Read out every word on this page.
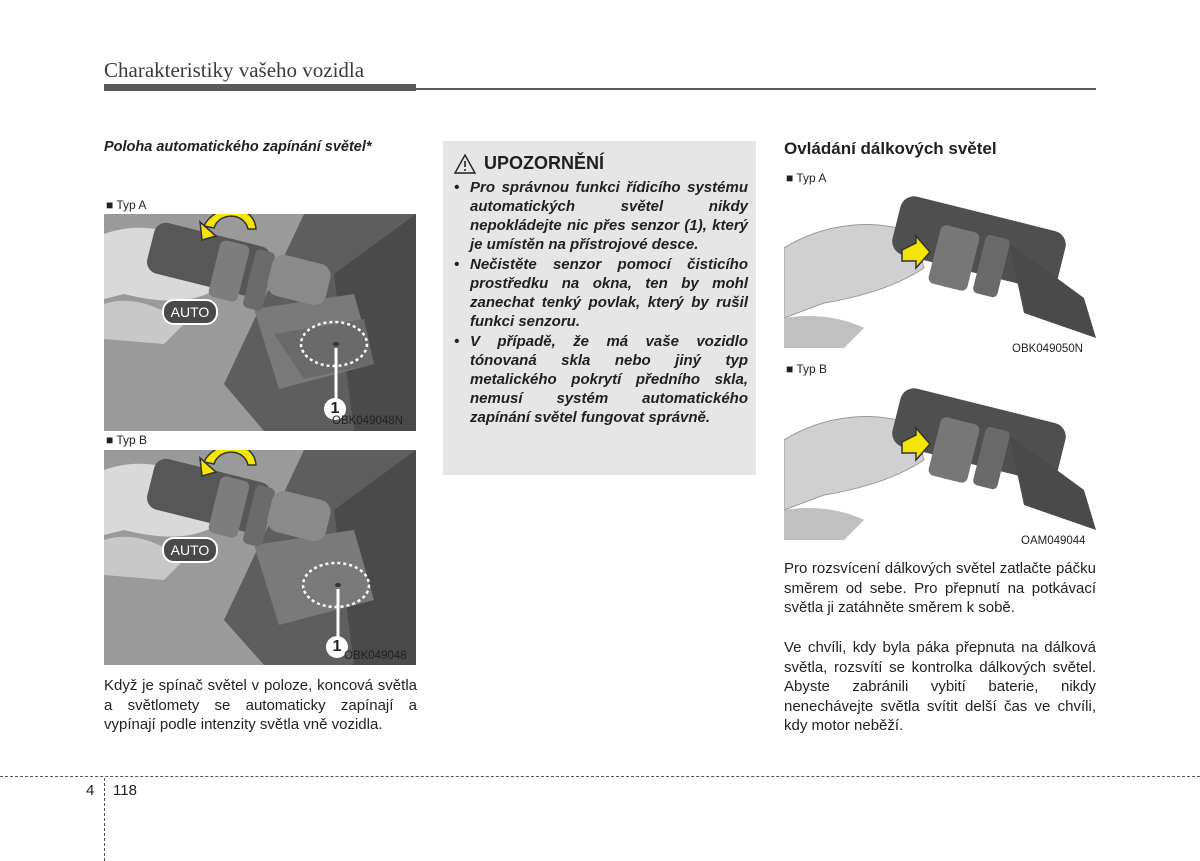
Charakteristiky vašeho vozidla
Poloha automatického zapínání světel*
■ Typ A
AUTO
1
OBK049048N
■ Typ B
AUTO
1
OBK049048
Když je spínač světel v poloze, koncová světla a světlomety se automaticky zapínají a vypínají podle intenzity světla vně vozidla.
UPOZORNĚNÍ
• Pro správnou funkci řídicího systému automatických světel nikdy nepokládejte nic přes senzor (1), který je umístěn na přístrojové desce.
• Nečistěte senzor pomocí čisticího prostředku na okna, ten by mohl zanechat tenký povlak, který by rušil funkci senzoru.
• V případě, že má vaše vozidlo tónovaná skla nebo jiný typ metalického pokrytí předního skla, nemusí systém automatického zapínání světel fungovat správně.
Ovládání dálkových světel
■ Typ A
OBK049050N
■ Typ B
OAM049044
Pro rozsvícení dálkových světel zatlačte páčku směrem od sebe. Pro přepnutí na potkávací světla ji zatáhněte směrem k sobě.
Ve chvíli, kdy byla páka přepnuta na dálková světla, rozsvítí se kontrolka dálkových světel. Abyste zabránili vybití baterie, nikdy nenechávejte světla svítit delší čas ve chvíli, kdy motor neběží.
4 118
